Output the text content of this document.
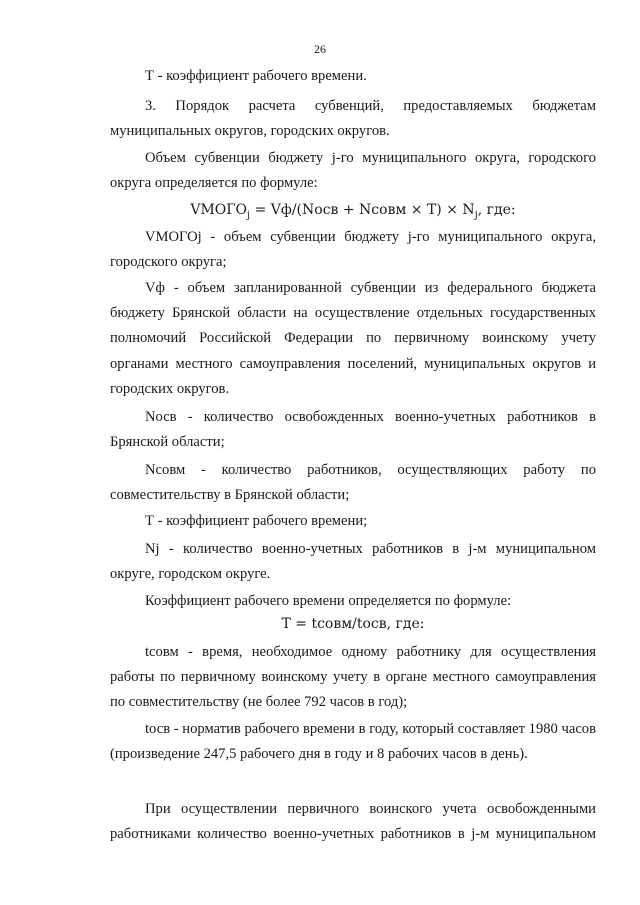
26

Т - коэффициент рабочего времени.

3. Порядок расчета субвенций, предоставляемых бюджетам муниципальных округов, городских округов.

Объем субвенции бюджету j-го муниципального округа, городского округа определяется по формуле:

$VМОГО_j$ = Vф/(Nосв + Nсовм × $T) \times N_j$, где:

VМОГОj - объем субвенции бюджету j-го муниципального округа, городского округа;

Vф - объем запланированной субвенции из федерального бюджета бюджету Брянской области на осуществление отдельных государственных полномочий Российской Федерации по первичному воинскому учету органами местного самоуправления поселений, муниципальных округов и городских округов.

Nосв - количество освобожденных военно-учетных работников в Брянской области;

Nсовм - количество работников, осуществляющих работу по совместительству в Брянской области;

Т - коэффициент рабочего времени;

Nj - количество военно-учетных работников в j-м муниципальном округе, городском округе.

Коэффициент рабочего времени определяется по формуле:

T = tсовм/tосв, где:

tсовм - время, необходимое одному работнику для осуществления работы по первичному воинскому учету в органе местного самоуправления по совместительству (не более 792 часов в год);

tосв - норматив рабочего времени в году, который составляет 1980 часов (произведение 247,5 рабочего дня в году и 8 рабочих часов в день).

При осуществлении первичного воинского учета освобожденными работниками количество военно-учетных работников в j-м муниципальном
